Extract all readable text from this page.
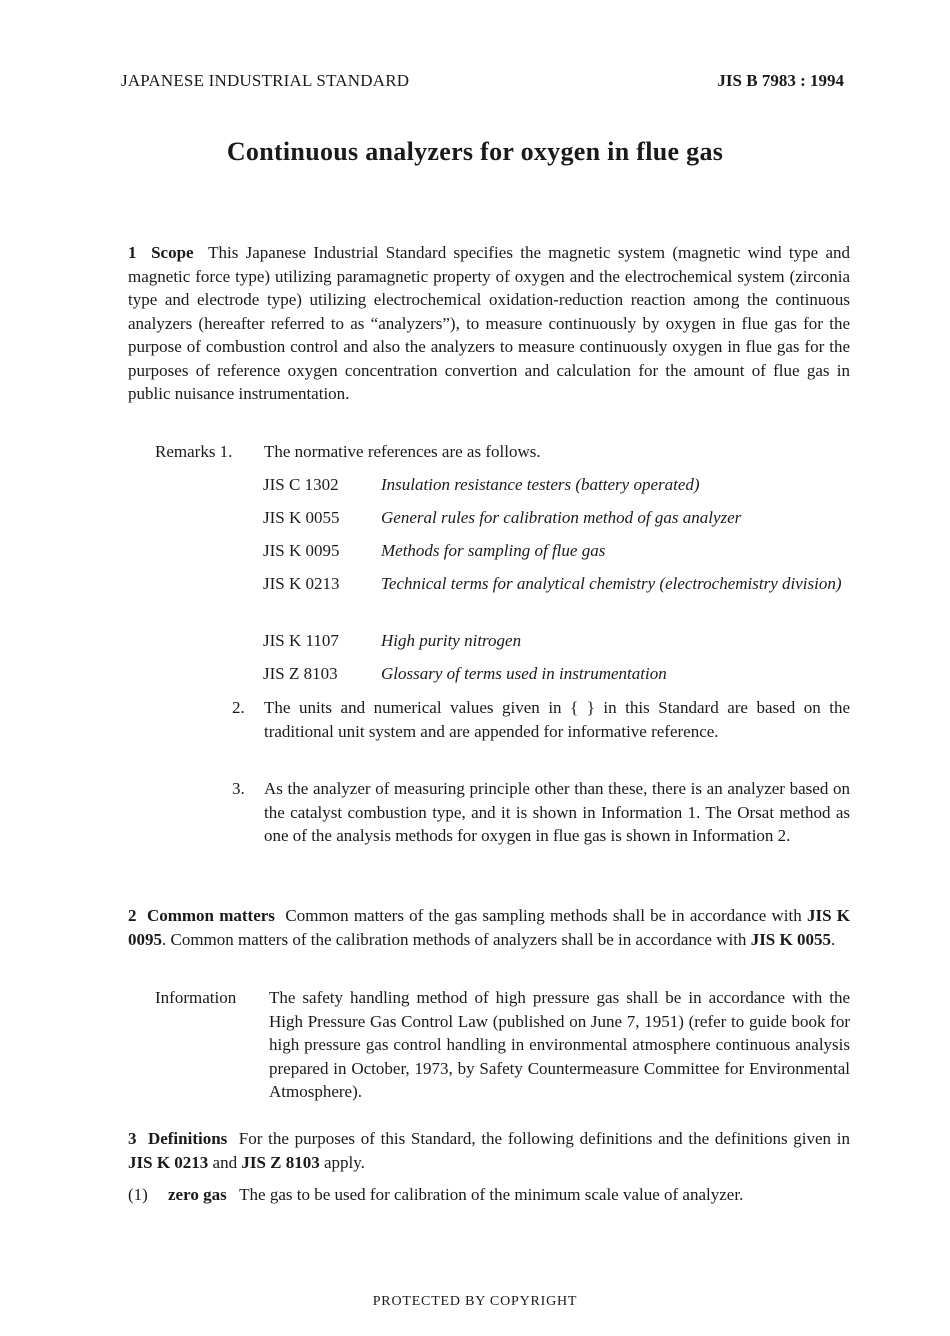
JAPANESE INDUSTRIAL STANDARD	JIS B 7983 : 1994
Continuous analyzers for oxygen in flue gas
1 Scope This Japanese Industrial Standard specifies the magnetic system (magnetic wind type and magnetic force type) utilizing paramagnetic property of oxygen and the electrochemical system (zirconia type and electrode type) utilizing electrochemical oxidation-reduction reaction among the continuous analyzers (hereafter referred to as “analyzers”), to measure continuously by oxygen in flue gas for the purpose of combustion control and also the analyzers to measure continuously oxygen in flue gas for the purposes of reference oxygen concentration convertion and calculation for the amount of flue gas in public nuisance instrumentation.
Remarks 1. The normative references are as follows.
JIS C 1302	Insulation resistance testers (battery operated)
JIS K 0055	General rules for calibration method of gas analyzer
JIS K 0095	Methods for sampling of flue gas
JIS K 0213	Technical terms for analytical chemistry (electrochemistry division)
JIS K 1107	High purity nitrogen
JIS Z 8103	Glossary of terms used in instrumentation
2. The units and numerical values given in { } in this Standard are based on the traditional unit system and are appended for informative reference.
3. As the analyzer of measuring principle other than these, there is an analyzer based on the catalyst combustion type, and it is shown in Information 1. The Orsat method as one of the analysis methods for oxygen in flue gas is shown in Information 2.
2 Common matters Common matters of the gas sampling methods shall be in accordance with JIS K 0095. Common matters of the calibration methods of analyzers shall be in accordance with JIS K 0055.
Information The safety handling method of high pressure gas shall be in accordance with the High Pressure Gas Control Law (published on June 7, 1951) (refer to guide book for high pressure gas control handling in environmental atmosphere continuous analysis prepared in October, 1973, by Safety Countermeasure Committee for Environmental Atmosphere).
3 Definitions For the purposes of this Standard, the following definitions and the definitions given in JIS K 0213 and JIS Z 8103 apply.
(1) zero gas The gas to be used for calibration of the minimum scale value of analyzer.
PROTECTED BY COPYRIGHT
